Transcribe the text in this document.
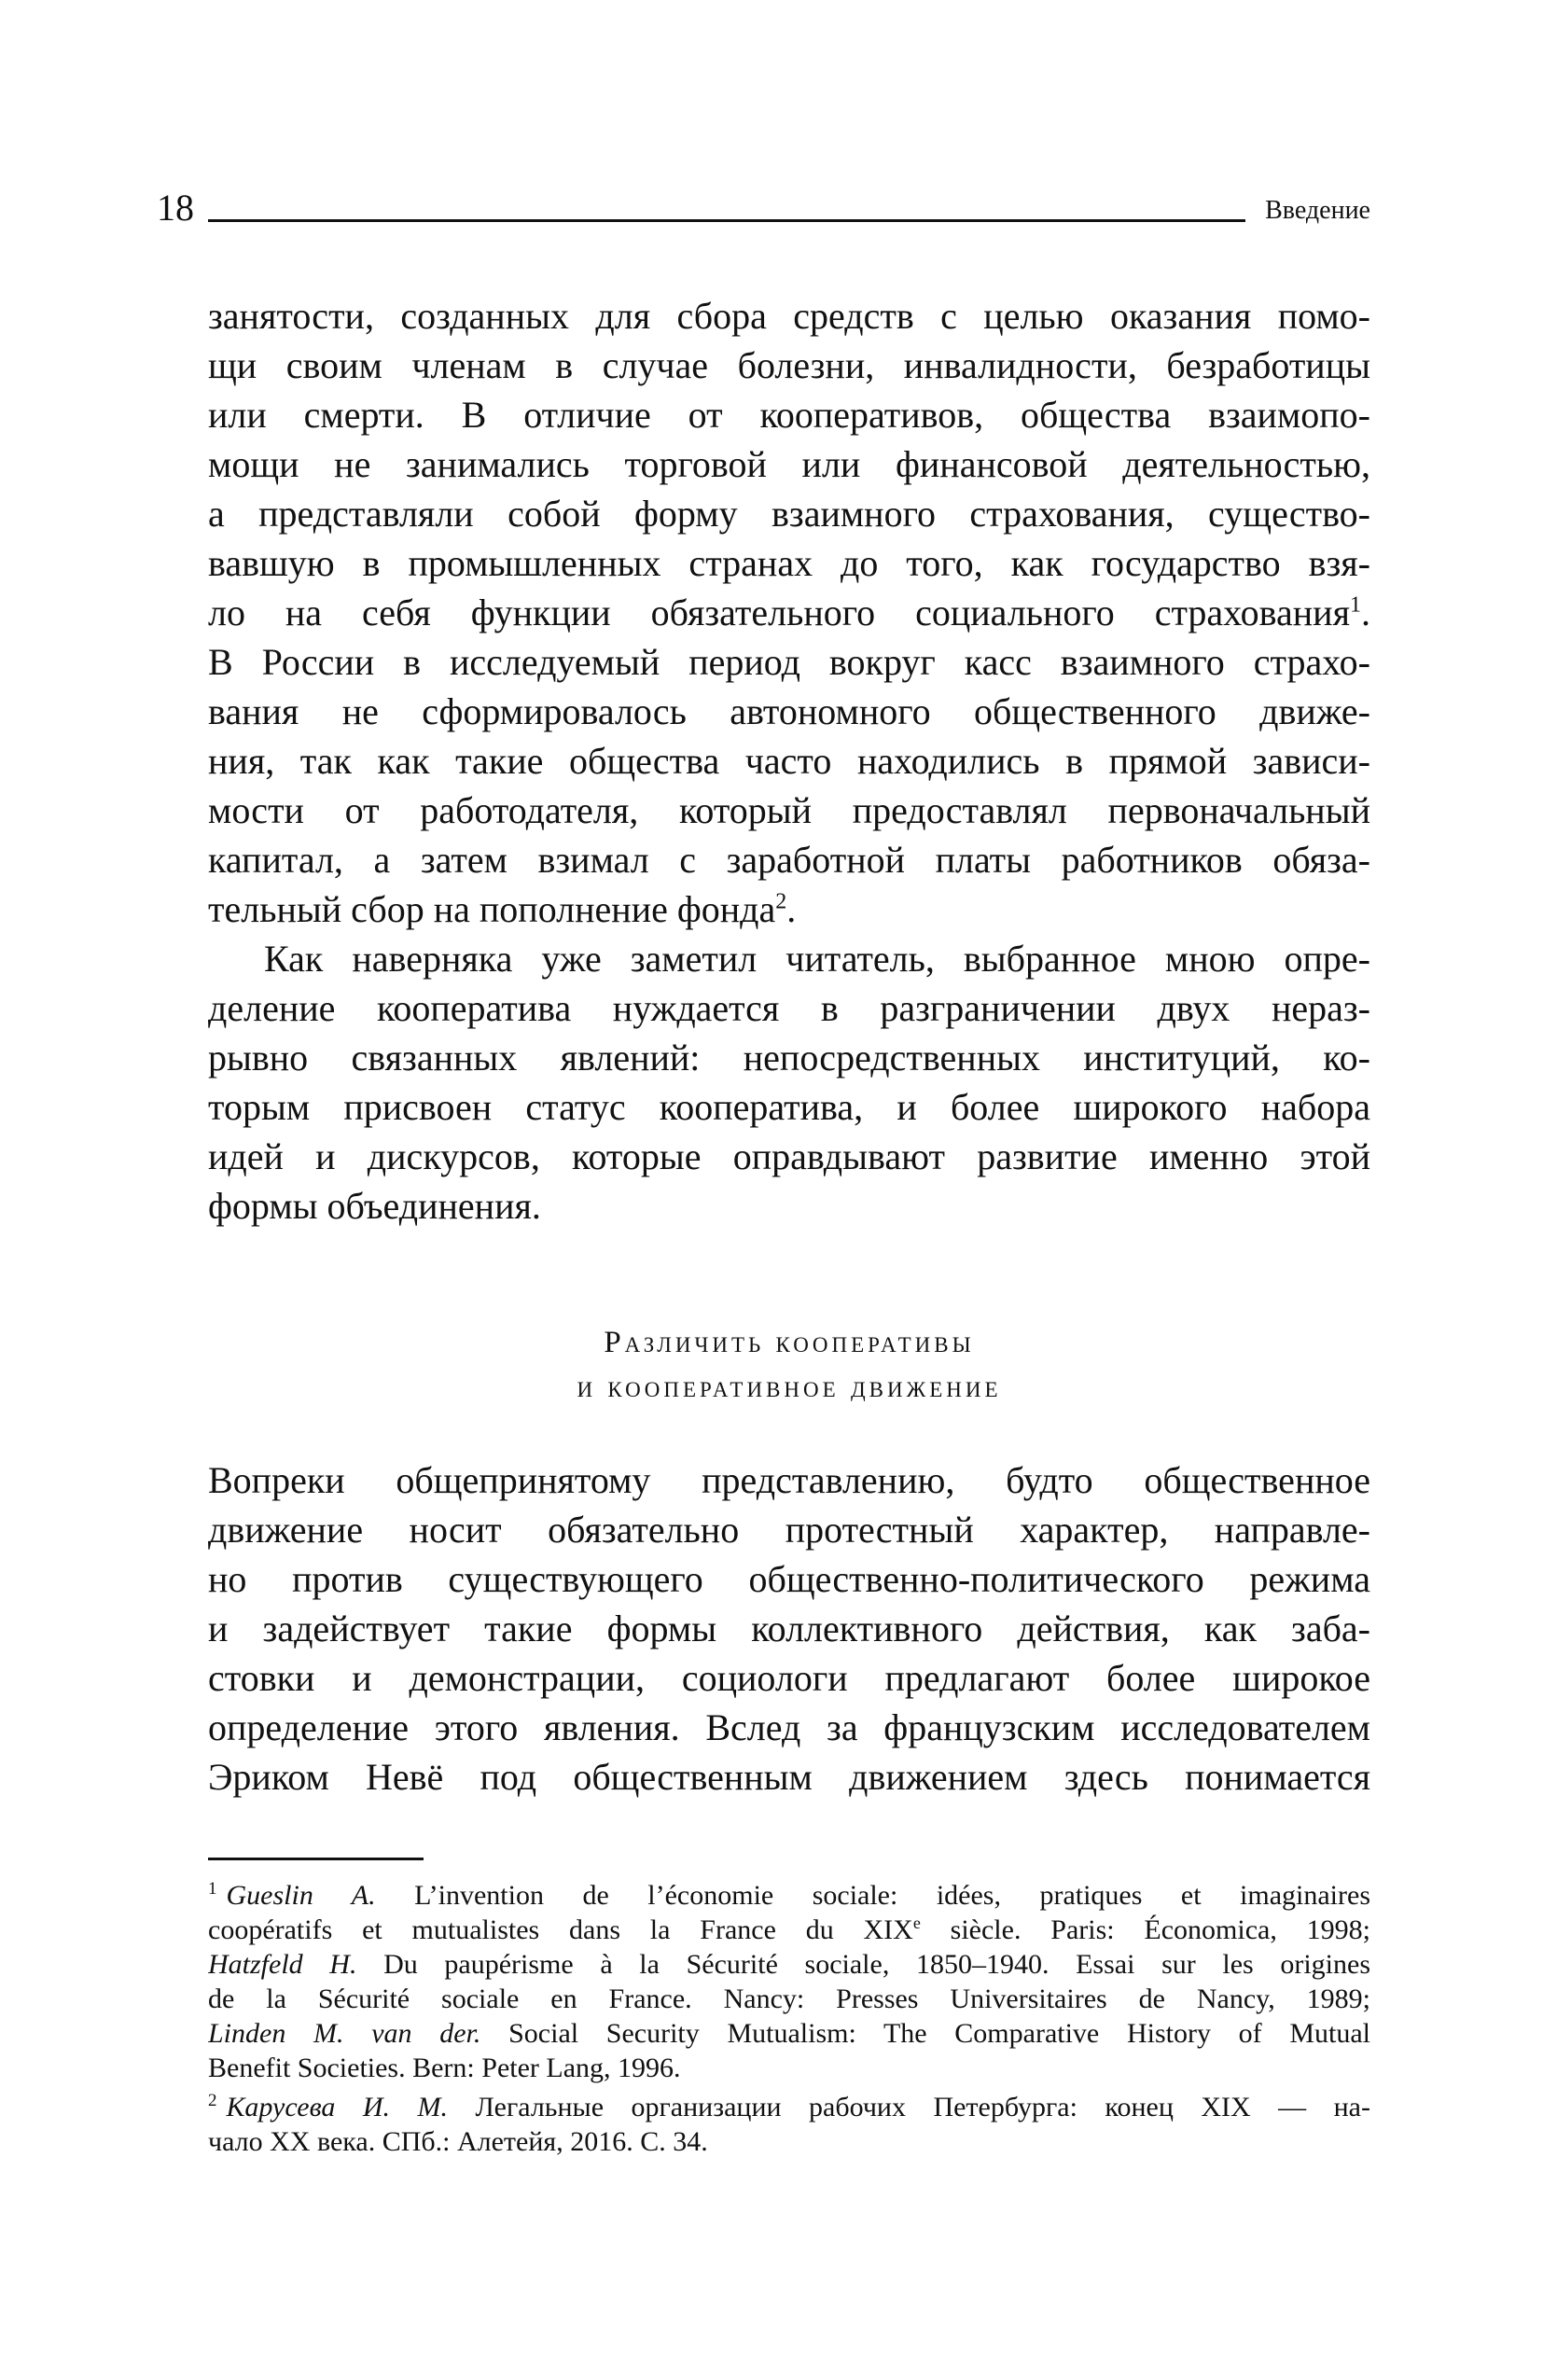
18	Введение
занятости, созданных для сбора средств с целью оказания помо-
щи своим членам в случае болезни, инвалидности, безработицы
или смерти. В отличие от кооперативов, общества взаимопо-
мощи не занимались торговой или финансовой деятельностью,
а представляли собой форму взаимного страхования, существо-
вавшую в промышленных странах до того, как государство взя-
ло на себя функции обязательного социального страхования$^1$.
В России в исследуемый период вокруг касс взаимного страхо-
вания не сформировалось автономного общественного движе-
ния, так как такие общества часто находились в прямой зависи-
мости от работодателя, который предоставлял первоначальный
капитал, а затем взимал с заработной платы работников обяза-
тельный сбор на пополнение фонда$^2$.
Как наверняка уже заметил читатель, выбранное мною опре-
деление кооператива нуждается в разграничении двух нераз-
рывно связанных явлений: непосредственных институций, ко-
торым присвоен статус кооператива, и более широкого набора
идей и дискурсов, которые оправдывают развитие именно этой
формы объединения.
Различить кооперативы
и кооперативное движение
Вопреки общепринятому представлению, будто общественное
движение носит обязательно протестный характер, направле-
но против существующего общественно-политического режима
и задействует такие формы коллективного действия, как заба-
стовки и демонстрации, социологи предлагают более широкое
определение этого явления. Вслед за французским исследователем
Эриком Невё под общественным движением здесь понимается
$^1$ Gueslin A. L’invention de l’économie sociale: idées, pratiques et imaginaires
coopératifs et mutualistes dans la France du XIXe siècle. Paris: Économica, 1998;
Hatzfeld H. Du paupérisme à la Sécurité sociale, 1850–1940. Essai sur les origines
de la Sécurité sociale en France. Nancy: Presses Universitaires de Nancy, 1989;
Linden M. van der. Social Security Mutualism: The Comparative History of Mutual
Benefit Societies. Bern: Peter Lang, 1996.
$^2$ Карусева И. М. Легальные организации рабочих Петербурга: конец XIX — на-
чало XX века. СПб.: Алетейя, 2016. С. 34.
